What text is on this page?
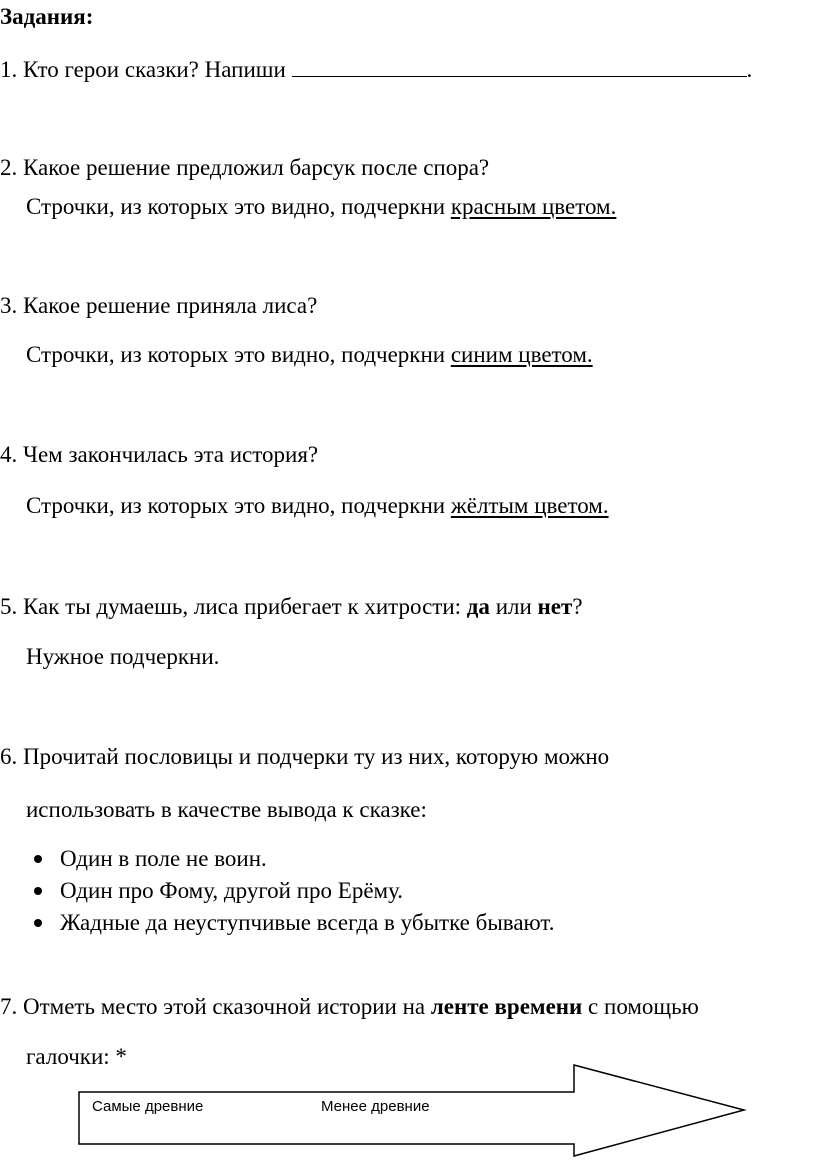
Задания:
1. Кто герои сказки? Напиши	.
2. Какое решение предложил барсук после спора?
Строчки, из которых это видно, подчеркни красным цветом.
3. Какое решение приняла лиса?
Строчки, из которых это видно, подчеркни синим цветом.
4. Чем закончилась эта история?
Строчки, из которых это видно, подчеркни жёлтым цветом.
5. Как ты думаешь, лиса прибегает к хитрости: да или нет?
Нужное подчеркни.
6. Прочитай пословицы и подчерки ту из них, которую можно
использовать в качестве вывода к сказке:
Один в поле не воин.
Один про Фому, другой про Ерёму.
Жадные да неуступчивые всегда в убытке бывают.
7. Отметь место этой сказочной истории на ленте времени с помощью
галочки: *
Самые древние	Менее древние
